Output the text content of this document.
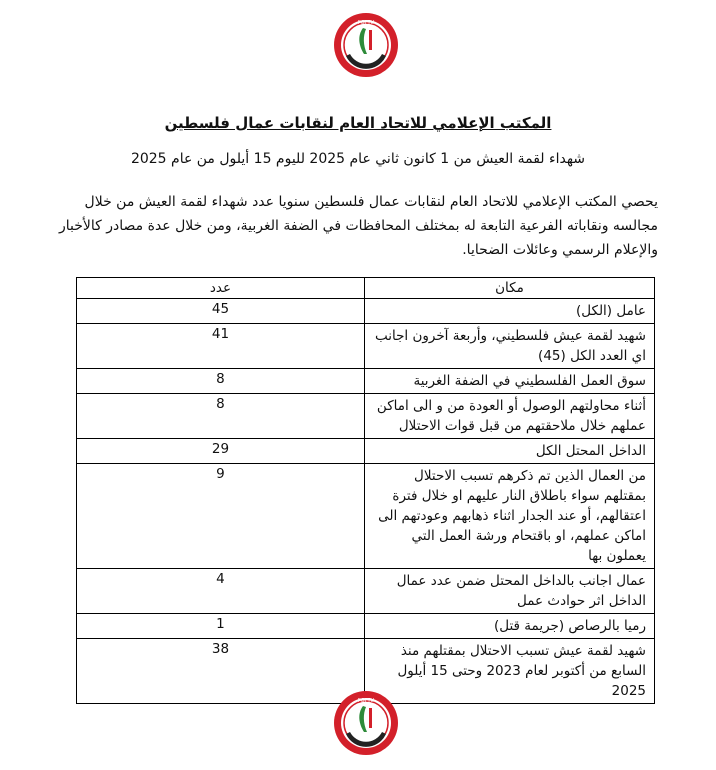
PGFTU
المكتب الإعلامي للاتحاد العام لنقابات عمال فلسطين
شهداء لقمة العيش من 1 كانون ثاني عام 2025 لليوم 15 أيلول من عام 2025
يحصي المكتب الإعلامي للاتحاد العام لنقابات عمال فلسطين سنويا عدد شهداء لقمة العيش من خلال مجالسه ونقاباته الفرعية التابعة له بمختلف المحافظات في الضفة الغربية، ومن خلال عدة مصادر كالأخبار والإعلام الرسمي وعائلات الضحايا.
عدد	مكان
45	عامل (الكل)
41	شهيد لقمة عيش فلسطيني، وأربعة آخرون اجانب اي العدد الكل (45)
8	سوق العمل الفلسطيني في الضفة الغربية
8	أثناء محاولتهم الوصول أو العودة من و الى اماكن عملهم خلال ملاحقتهم من قبل قوات الاحتلال
29	الداخل المحتل الكل
9	من العمال الذين تم ذكرهم تسبب الاحتلال بمقتلهم سواء باطلاق النار عليهم او خلال فترة اعتقالهم، أو عند الجدار اثناء ذهابهم وعودتهم الى اماكن عملهم، او باقتحام ورشة العمل التي يعملون بها
4	عمال اجانب بالداخل المحتل ضمن عدد عمال الداخل اثر حوادث عمل
1	رميا بالرصاص (جريمة قتل)
38	شهيد لقمة عيش تسبب الاحتلال بمقتلهم منذ السابع من أكتوبر لعام 2023 وحتى 15 أيلول 2025
PGFTU
